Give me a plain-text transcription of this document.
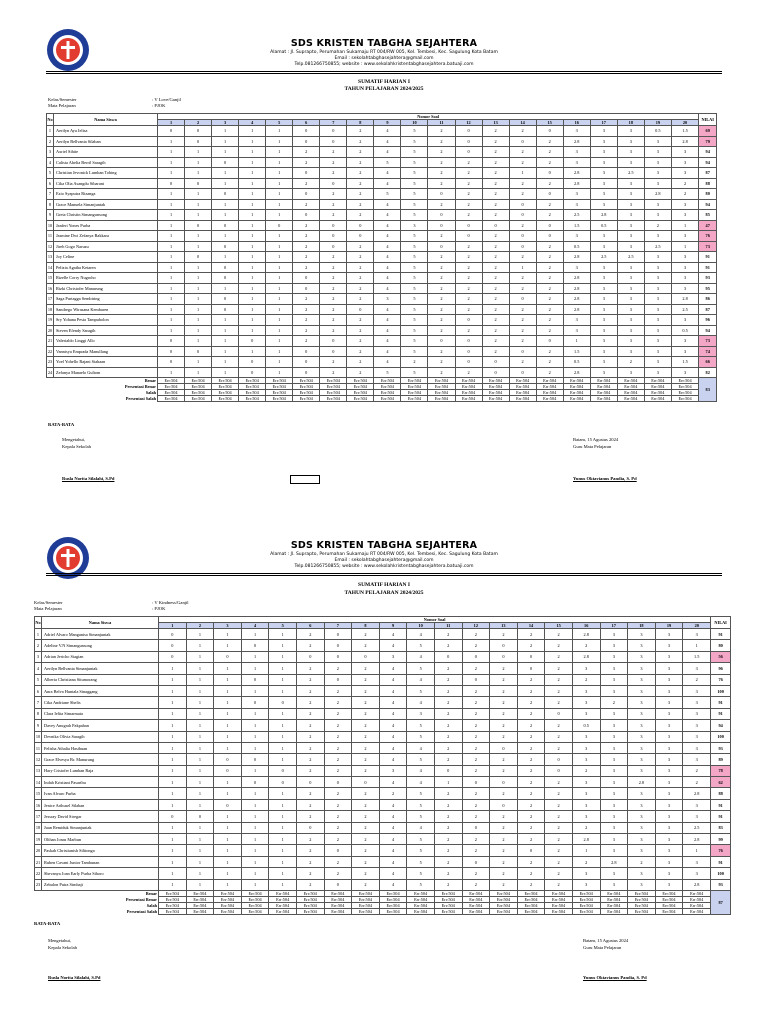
SDS KRISTEN TABGHA SEJAHTERA
Alamat : Jl. Suprapto, Perumahan Sukamaju RT 004/RW 005, Kel. Tembesi, Kec. Sagulung Kota Batam
Email : sekolahtabghasejahtera@gmail.com
Telp.081266750855; website : www.sekolahkristentabghasejahtera.batuaji.com
SUMATIF HARIAN I
TAHUN PELAJARAN 2024/2025
Kelas/Semester	: V Love/Ganjil
Mata Pelajaran	: PJOK
No	Nama Siswa	Nomor Soal																				NILAI
		1	2	3	4	5	6	7	8	9	10	11	12	13	14	15	16	17	18	19	20	
1	Aerilyn Aya Jelisa	0	0	1	1	1	0	0	2	4	5	2	0	2	2	0	3	3	3	0.5	1.5	69
2	Aerilyn Bellvania Silaban	1	0	1	1	1	0	0	2	4	5	2	0	2	0	2	2.8	3	3	3	2.8	79
3	Axriel Sihite	1	1	1	1	1	2	2	2	4	5	2	0	2	2	2	3	3	3	3	3	94
4	Calista Abelia Berril Saragih	1	1	0	1	1	2	2	2	5	5	2	2	2	2	2	3	3	3	3	3	94
5	Christian Jevonick Lumban Tobing	1	1	1	1	1	0	2	2	4	5	2	2	2	1	0	2.8	3	2.5	3	3	87
6	Cika Olia Asangdu Sibarani	0	0	1	1	1	2	0	2	4	5	2	2	2	2	2	2.8	3	3	3	2	88
7	Ezio Syaputra Rizanga	1	1	0	1	1	0	2	2	5	5	0	2	2	2	0	3	3	3	2.8	2	80
8	Grace Manuela Simanjuntak	1	1	1	1	1	2	2	2	4	5	2	2	2	0	2	3	3	3	3	3	94
9	Greta Christin Simangunsong	1	1	1	1	1	0	2	2	4	5	0	2	2	0	2	2.5	2.8	3	3	3	85
10	Janferi Yones Purba	1	0	0	1	0	2	0	0	4	3	0	0	0	2	0	1.5	0.5	3	2	1	47
11	Jasmine Dwi Zefanya Bakkara	1	1	1	1	1	2	0	0	4	5	2	0	2	0	0	3	3	3	3	3	76
12	Jireh Gogo Naruzu	1	1	0	1	1	2	0	2	4	5	0	2	2	0	2	0.5	3	3	2.5	1	73
13	Joy Celine	1	0	1	1	1	2	2	2	4	5	2	2	2	2	2	2.8	2.5	2.5	3	3	91
14	Pelizia Agatha Ketaren	1	1	0	1	1	2	2	2	4	5	2	2	2	1	2	3	3	3	3	3	91
15	Rizelle Corry Nugroho	1	1	0	1	1	0	2	2	4	5	2	2	2	2	2	2.8	3	3	3	3	93
16	Rizki Christofer Manurung	1	1	1	1	1	0	2	2	4	5	2	2	2	2	2	2.8	3	3	3	3	95
17	Saga Purtagga Sembiring	1	1	0	1	1	2	2	2	3	5	2	2	2	0	2	2.8	3	3	3	2.8	86
18	Sandrego Wirasana Kembaren	1	1	0	1	1	2	2	0	4	5	2	2	2	2	2	2.8	3	3	3	2.5	87
19	Sry Yohana Pesta Tampubolon	1	1	1	1	1	2	2	2	4	5	2	0	2	2	2	3	3	3	3	3	96
20	Steven Efendy Saragih	1	1	1	1	1	2	2	2	4	5	2	2	2	2	2	3	3	3	3	0.5	94
21	Valerialdo Linggi Allo	0	1	1	0	1	2	0	2	4	5	0	0	2	2	0	1	3	3	3	3	73
22	Vannisya Emprada Manullang	0	0	1	1	1	0	0	2	4	5	2	0	2	0	2	1.5	3	3	3	3	74
23	Yoel Yohello Rajani Siahaan	0	1	1	0	1	0	2	2	4	2	2	0	0	2	2	0.5	3	2	3	1.5	66
24	Zefanya Manaelo Gultom	1	1	1	0	1	0	2	2	5	5	2	2	0	0	2	2.8	3	3	3	3	82
Benar		Err:504	Err:504	Err:504	Err:504	Err:504	Err:504	Err:504	Err:504	Err:504	Err:504	Err:504	Err:504	Err:504	Err:504	Err:504	Err:504	Err:504	Err:504	Err:504	Err:504	83
Persentasi Benar		Err:504	Err:504	Err:504	Err:504	Err:504	Err:504	Err:504	Err:504	Err:504	Err:504	Err:504	Err:504	Err:504	Err:504	Err:504	Err:504	Err:504	Err:504	Err:504	Err:504	
Salah		Err:504	Err:504	Err:504	Err:504	Err:504	Err:504	Err:504	Err:504	Err:504	Err:504	Err:504	Err:504	Err:504	Err:504	Err:504	Err:504	Err:504	Err:504	Err:504	Err:504	
Persentasi Salah		Err:504	Err:504	Err:504	Err:504	Err:504	Err:504	Err:504	Err:504	Err:504	Err:504	Err:504	Err:504	Err:504	Err:504	Err:504	Err:504	Err:504	Err:504	Err:504	Err:504	
RATA-RATA
Mengetahui,
Kepala Sekolah
Batam, 15 Agustus 2024
Guru Mata Pelajaran
Rusla Norita Silalahi, S.Pd	Yunus Oktavianus Pandia, S. Pd
SDS KRISTEN TABGHA SEJAHTERA
Alamat : Jl. Suprapto, Perumahan Sukamaju RT 004/RW 005, Kel. Tembesi, Kec. Sagulung Kota Batam
Email : sekolahtabghasejahtera@gmail.com
Telp.081266750855; website : www.sekolahkristentabghasejahtera.batuaji.com
SUMATIF HARIAN I
TAHUN PELAJARAN 2024/2025
Kelas/Semester	: V Kindness/Ganjil
Mata Pelajaran	: PJOK
No	Nama Siswa	Nomor Soal																				NILAI
		1	2	3	4	5	6	7	8	9	10	11	12	13	14	15	16	17	18	19	20	
1	Adriel Alvaro Manganisa Simanjuntak	0	1	1	1	1	2	0	2	4	4	2	2	2	2	2	2.8	3	3	3	3	91
2	Adeline V.N Simangunsong	0	1	1	0	1	2	0	2	4	5	2	2	0	2	2	2	3	3	3	1	80
3	Adrian Jericho Siagian	0	1	0	1	1	0	0	0	3	4	0	0	0	0	2	2.8	3	3	3	1.5	56
4	Aerilyn Bellvania Simanjuntak	1	1	1	1	1	2	2	2	4	5	2	2	2	0	2	3	3	3	3	3	96
5	Alberta Christiana Situmorang	1	1	1	0	1	2	0	2	4	4	2	0	2	2	2	2	3	3	3	2	76
6	Anra Belva Huntala Sinaggang	1	1	1	1	1	2	2	2	4	5	2	2	2	2	2	3	3	3	3	3	100
7	Cika Andriane Shelis	1	1	1	0	0	2	2	2	4	4	2	2	2	2	2	3	2	3	3	3	91
8	Clara Ielita Simarmata	1	1	1	1	1	2	2	2	4	3	2	2	2	2	0	3	3	3	3	3	91
9	Davey Anugrah Pakpahan	1	1	1	1	1	2	2	2	4	5	2	2	2	2	2	0.5	3	3	3	3	94
10	Devnika Olivia Saragih	1	1	1	1	1	2	2	2	4	5	2	2	2	2	2	3	3	3	3	3	100
11	Felisha Athalia Hasibuan	1	1	1	1	1	2	2	2	4	4	2	2	0	2	2	3	3	3	3	3	93
12	Grace Elvesya Br. Manurung	1	1	0	0	1	2	2	2	4	5	2	2	2	2	0	3	3	3	3	3	89
13	Hary Cristofer Lumban Raja	1	1	0	1	0	2	2	2	3	4	0	2	2	2	0	2	3	3	3	2	78
14	Indah Kristiani Pasaribu	1	1	1	0	0	0	0	0	4	4	1	0	0	2	2	3	3	2.8	3	2	62
15	Ivan Alvaro Purba	1	1	1	1	1	2	2	2	2	5	2	2	2	2	2	3	3	3	3	2.8	88
16	Jenice Arthusel Silaban	1	1	0	1	1	2	2	2	4	5	2	2	0	2	2	3	3	3	3	3	91
17	Jessray David Siregar	0	0	1	1	1	2	2	2	4	5	2	2	2	2	2	3	3	3	3	3	91
18	Juan Remiduk Simanjuntak	1	1	1	1	1	0	2	2	4	4	2	0	2	2	2	2	3	3	3	2.5	83
19	Olthan Jonas Marbun	1	1	1	1	1	2	2	2	4	5	2	2	2	2	2	2.8	3	3	3	2.8	99
20	Paskah Christianish Silitonga	1	1	1	1	1	2	0	2	4	5	2	2	2	0	2	1	3	3	3	1	76
21	Ruben Cavani Junior Tambunan	1	1	1	1	1	2	2	2	4	5	2	0	2	2	2	2	2.8	2	3	3	91
22	Shevanya Joan Early Purba Sihoro	1	1	1	1	1	2	2	2	4	5	2	2	2	2	2	3	3	3	3	3	100
23	Zebulon Putra Simbaji	1	1	1	1	1	2	0	2	4	5	2	2	2	2	2	3	3	3	3	2.8	93
Benar		Err:504	Err:504	Err:504	Err:504	Err:504	Err:504	Err:504	Err:504	Err:504	Err:504	Err:504	Err:504	Err:504	Err:504	Err:504	Err:504	Err:504	Err:504	Err:504	Err:504	87
Persentasi Benar		Err:504	Err:504	Err:504	Err:504	Err:504	Err:504	Err:504	Err:504	Err:504	Err:504	Err:504	Err:504	Err:504	Err:504	Err:504	Err:504	Err:504	Err:504	Err:504	Err:504	
Salah		Err:504	Err:504	Err:504	Err:504	Err:504	Err:504	Err:504	Err:504	Err:504	Err:504	Err:504	Err:504	Err:504	Err:504	Err:504	Err:504	Err:504	Err:504	Err:504	Err:504	
Persentasi Salah		Err:504	Err:504	Err:504	Err:504	Err:504	Err:504	Err:504	Err:504	Err:504	Err:504	Err:504	Err:504	Err:504	Err:504	Err:504	Err:504	Err:504	Err:504	Err:504	Err:504	
RATA-RATA
Mengetahui,
Kepala Sekolah
Batam, 15 Agustus 2024
Guru Mata Pelajaran
Rusla Norita Silalahi, S.Pd	Yunus Oktavianus Pandia, S. Pd
